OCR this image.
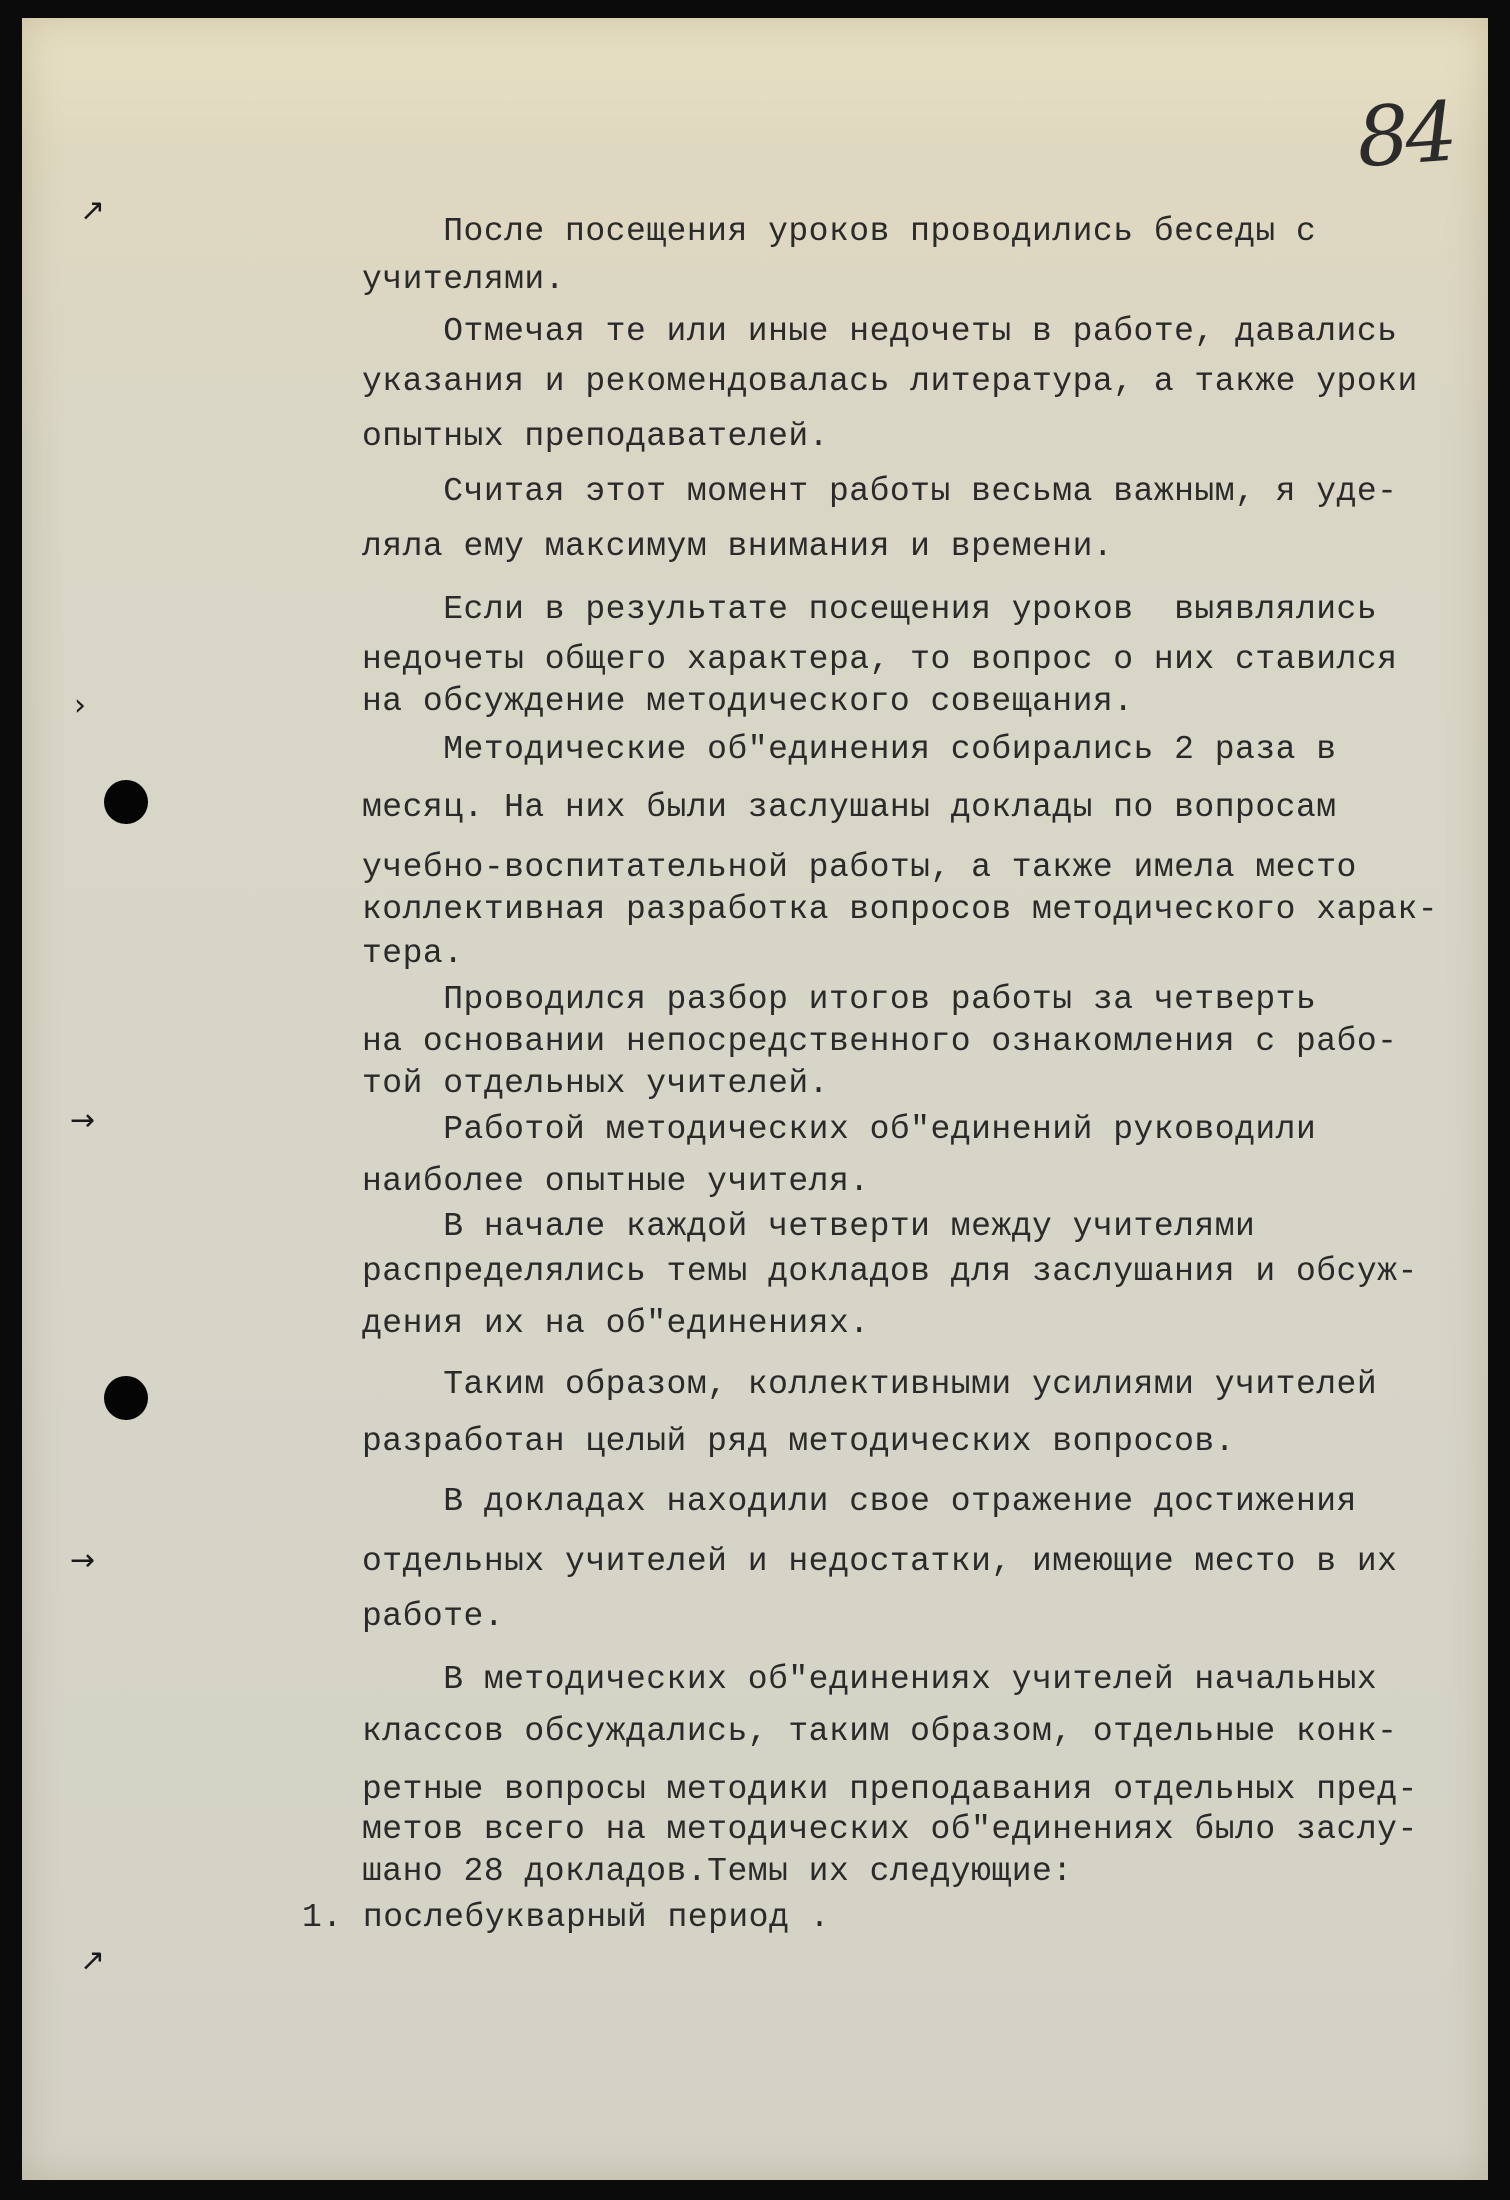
↗
›
→
→
↗
84
После посещения уроков проводились беседы с
учителями.
Отмечая те или иные недочеты в работе, давались
указания и рекомендовалась литература, а также уроки
опытных преподавателей.
Считая этот момент работы весьма важным, я уде-
ляла ему максимум внимания и времени.
Если в результате посещения уроков  выявлялись
недочеты общего характера, то вопрос о них ставился
на обсуждение методического совещания.
Методические об"единения собирались 2 раза в
месяц. На них были заслушаны доклады по вопросам
учебно-воспитательной работы, а также имела место
коллективная разработка вопросов методического харак-
тера.
Проводился разбор итогов работы за четверть
на основании непосредственного ознакомления с рабо-
той отдельных учителей.
Работой методических об"единений руководили
наиболее опытные учителя.
В начале каждой четверти между учителями
распределялись темы докладов для заслушания и обсуж-
дения их на об"единениях.
Таким образом, коллективными усилиями учителей
разработан целый ряд методических вопросов.
В докладах находили свое отражение достижения
отдельных учителей и недостатки, имеющие место в их
работе.
В методических об"единениях учителей начальных
классов обсуждались, таким образом, отдельные конк-
ретные вопросы методики преподавания отдельных пред-
метов всего на методических об"единениях было заслу-
шано 28 докладов.Темы их следующие:
1. послебукварный период .
